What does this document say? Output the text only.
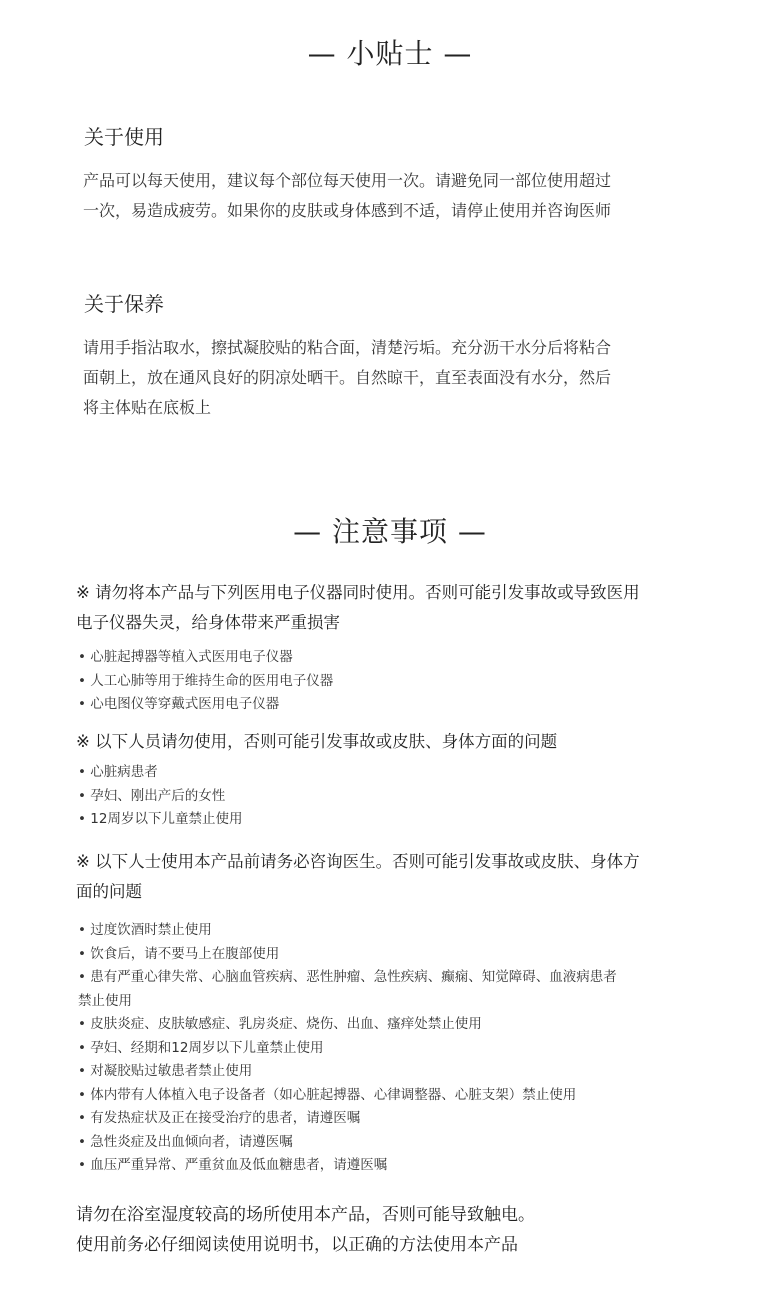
— 小贴士 —
关于使用
产品可以每天使用，建议每个部位每天使用一次。请避免同一部位使用超过
一次，易造成疲劳。如果你的皮肤或身体感到不适，请停止使用并咨询医师
关于保养
请用手指沾取水，擦拭凝胶贴的粘合面，清楚污垢。充分沥干水分后将粘合
面朝上，放在通风良好的阴凉处晒干。自然晾干，直至表面没有水分，然后
将主体贴在底板上
— 注意事项 —
※ 请勿将本产品与下列医用电子仪器同时使用。否则可能引发事故或导致医用
电子仪器失灵，给身体带来严重损害
• 心脏起搏器等植入式医用电子仪器
• 人工心肺等用于维持生命的医用电子仪器
• 心电图仪等穿戴式医用电子仪器
※ 以下人员请勿使用，否则可能引发事故或皮肤、身体方面的问题
• 心脏病患者
• 孕妇、刚出产后的女性
• 12周岁以下儿童禁止使用
※ 以下人士使用本产品前请务必咨询医生。否则可能引发事故或皮肤、身体方
面的问题
• 过度饮酒时禁止使用
• 饮食后，请不要马上在腹部使用
• 患有严重心律失常、心脑血管疾病、恶性肿瘤、急性疾病、癫痫、知觉障碍、血液病患者
禁止使用
• 皮肤炎症、皮肤敏感症、乳房炎症、烧伤、出血、瘙痒处禁止使用
• 孕妇、经期和12周岁以下儿童禁止使用
• 对凝胶贴过敏患者禁止使用
• 体内带有人体植入电子设备者（如心脏起搏器、心律调整器、心脏支架）禁止使用
• 有发热症状及正在接受治疗的患者，请遵医嘱
• 急性炎症及出血倾向者，请遵医嘱
• 血压严重异常、严重贫血及低血糖患者，请遵医嘱
请勿在浴室湿度较高的场所使用本产品，否则可能导致触电。
使用前务必仔细阅读使用说明书，以正确的方法使用本产品
